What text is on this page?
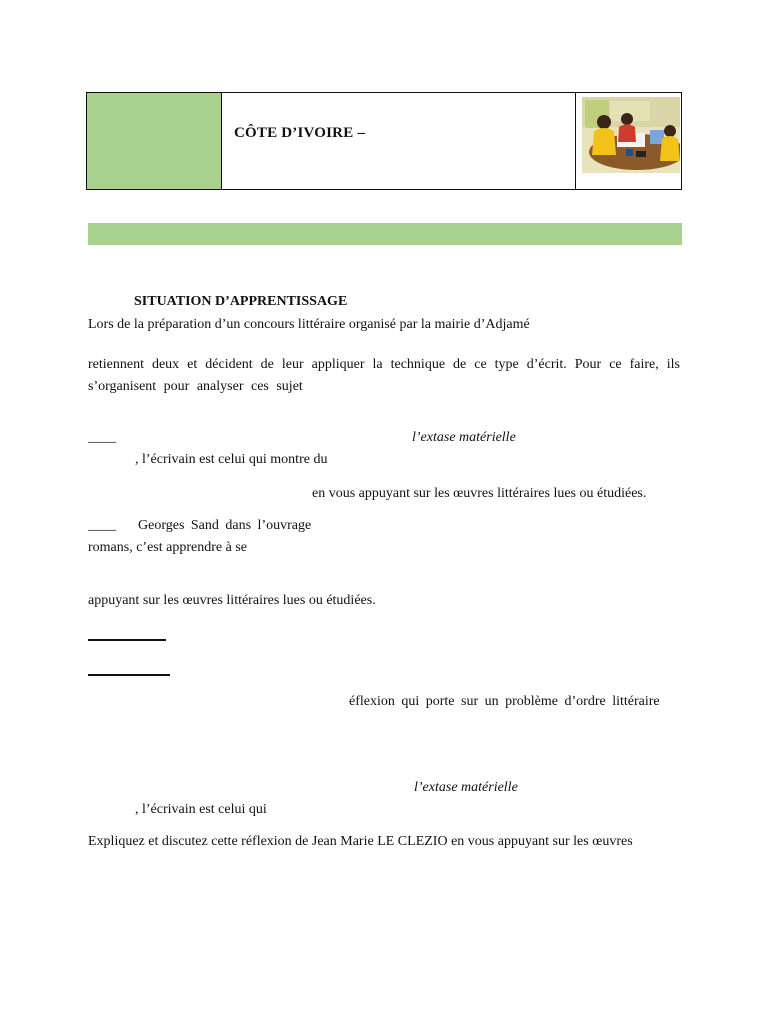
CÔTE D’IVOIRE –
SITUATION D’APPRENTISSAGE
Lors de la préparation d’un concours littéraire organisé par la mairie d’Adjamé
retiennent deux et décident de leur appliquer la technique de ce type d’écrit. Pour ce faire, ils
s’organisent pour analyser ces sujet
____	l’extase matérielle
, l’écrivain est celui qui montre du
en vous appuyant sur les œuvres littéraires lues ou étudiées.
____ Georges Sand dans l’ouvrage
romans, c’est apprendre à se
appuyant sur les œuvres littéraires lues ou étudiées.
éflexion qui porte sur un problème d’ordre littéraire
l’extase matérielle
, l’écrivain est celui qui
Expliquez et discutez cette réflexion de Jean Marie LE CLEZIO en vous appuyant sur les œuvres
